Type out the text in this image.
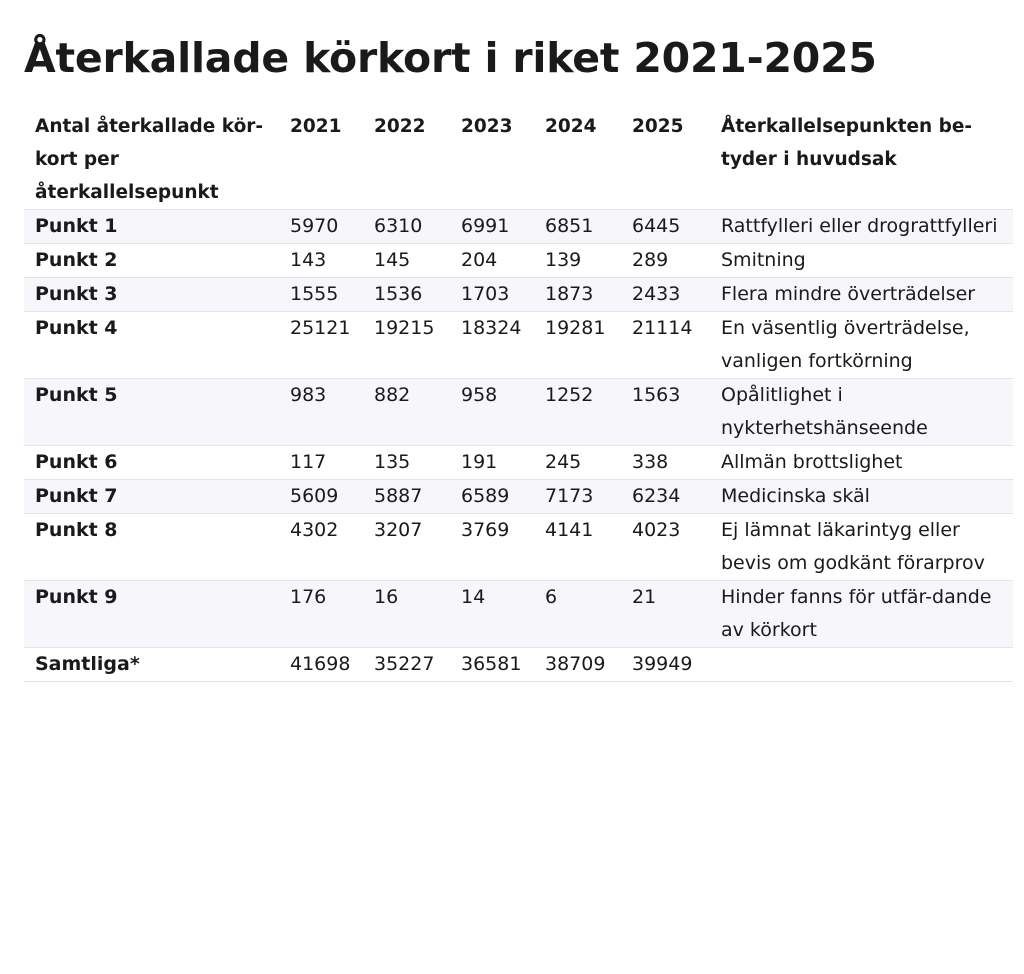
Återkallade körkort i riket 2021-2025
Antal återkallade kör-kort per återkallelsepunkt	2021	2022	2023	2024	2025	Återkallelsepunkten be-tyder i huvudsak
Punkt 1	5970	6310	6991	6851	6445	Rattfylleri eller drograttfylleri
Punkt 2	143	145	204	139	289	Smitning
Punkt 3	1555	1536	1703	1873	2433	Flera mindre överträdelser
Punkt 4	25121	19215	18324	19281	21114	En väsentlig överträdelse, vanligen fortkörning
Punkt 5	983	882	958	1252	1563	Opålitlighet i nykterhetshänseende
Punkt 6	117	135	191	245	338	Allmän brottslighet
Punkt 7	5609	5887	6589	7173	6234	Medicinska skäl
Punkt 8	4302	3207	3769	4141	4023	Ej lämnat läkarintyg eller bevis om godkänt förarprov
Punkt 9	176	16	14	6	21	Hinder fanns för utfär-dande av körkort
Samtliga*	41698	35227	36581	38709	39949	
